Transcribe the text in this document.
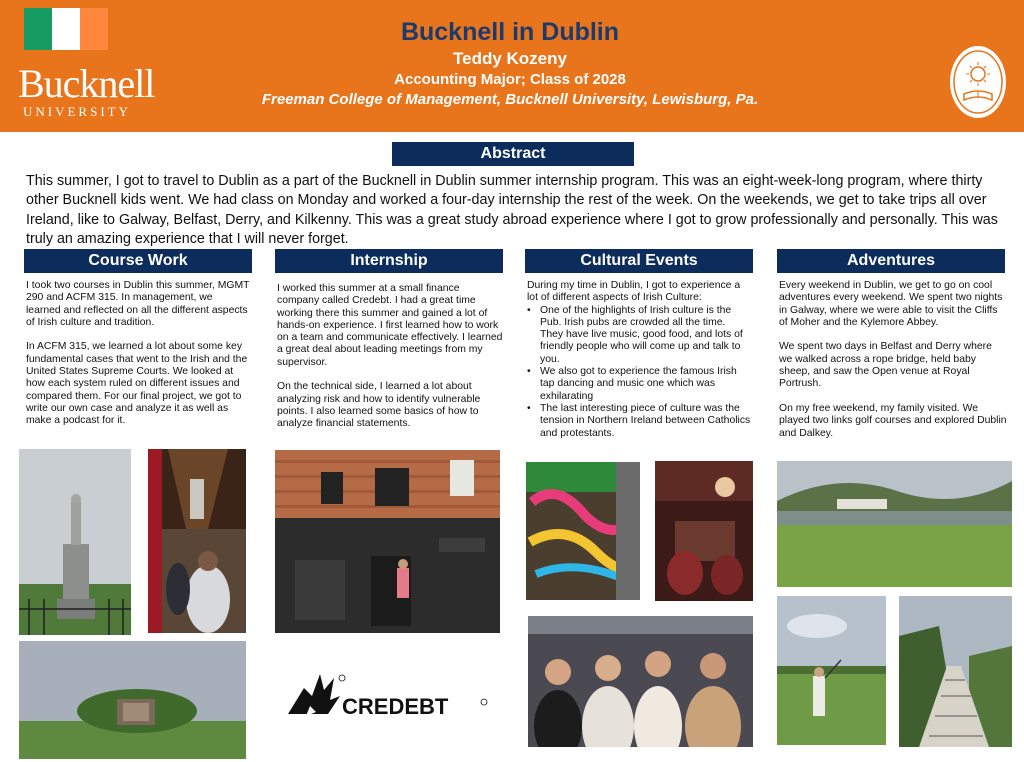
Bucknell
UNIVERSITY
Bucknell in Dublin
Teddy Kozeny
Accounting Major; Class of 2028
Freeman College of Management, Bucknell University, Lewisburg, Pa.
Abstract
This summer, I got to travel to Dublin as a part of the Bucknell in Dublin summer internship program. This was an eight-week-long program, where thirty other Bucknell kids went. We had class on Monday and worked a four-day internship the rest of the week. On the weekends, we get to take trips all over Ireland, like to Galway, Belfast, Derry, and Kilkenny. This was a great study abroad experience where I got to grow professionally and personally. This was truly an amazing experience that I will never forget.
Course Work	Internship	Cultural Events	Adventures

I took two courses in Dublin this summer, MGMT 290 and ACFM 315. In management, we learned and reflected on all the different aspects of Irish culture and tradition.

In ACFM 315, we learned a lot about some key fundamental cases that went to the Irish and the United States Supreme Courts. We looked at how each system ruled on different issues and compared them. For our final project, we got to write our own case and analyze it as well as make a podcast for it.

I worked this summer at a small finance company called Credebt. I had a great time working there this summer and gained a lot of hands-on experience. I first learned how to work on a team and communicate effectively. I learned a great deal about leading meetings from my supervisor.

On the technical side, I learned a lot about analyzing risk and how to identify vulnerable points. I also learned some basics of how to analyze financial statements.

During my time in Dublin, I got to experience a lot of different aspects of Irish Culture:
• One of the highlights of Irish culture is the Pub. Irish pubs are crowded all the time. They have live music, good food, and lots of friendly people who will come up and talk to you.
• We also got to experience the famous Irish tap dancing and music one which was exhilarating
• The last interesting piece of culture was the tension in Northern Ireland between Catholics and protestants.

Every weekend in Dublin, we get to go on cool adventures every weekend. We spent two nights in Galway, where we were able to visit the Cliffs of Moher and the Kylemore Abbey.

We spent two days in Belfast and Derry where we walked across a rope bridge, held baby sheep, and saw the Open venue at Royal Portrush.

On my free weekend, my family visited. We played two links golf courses and explored Dublin and Dalkey.

CREDEBT
